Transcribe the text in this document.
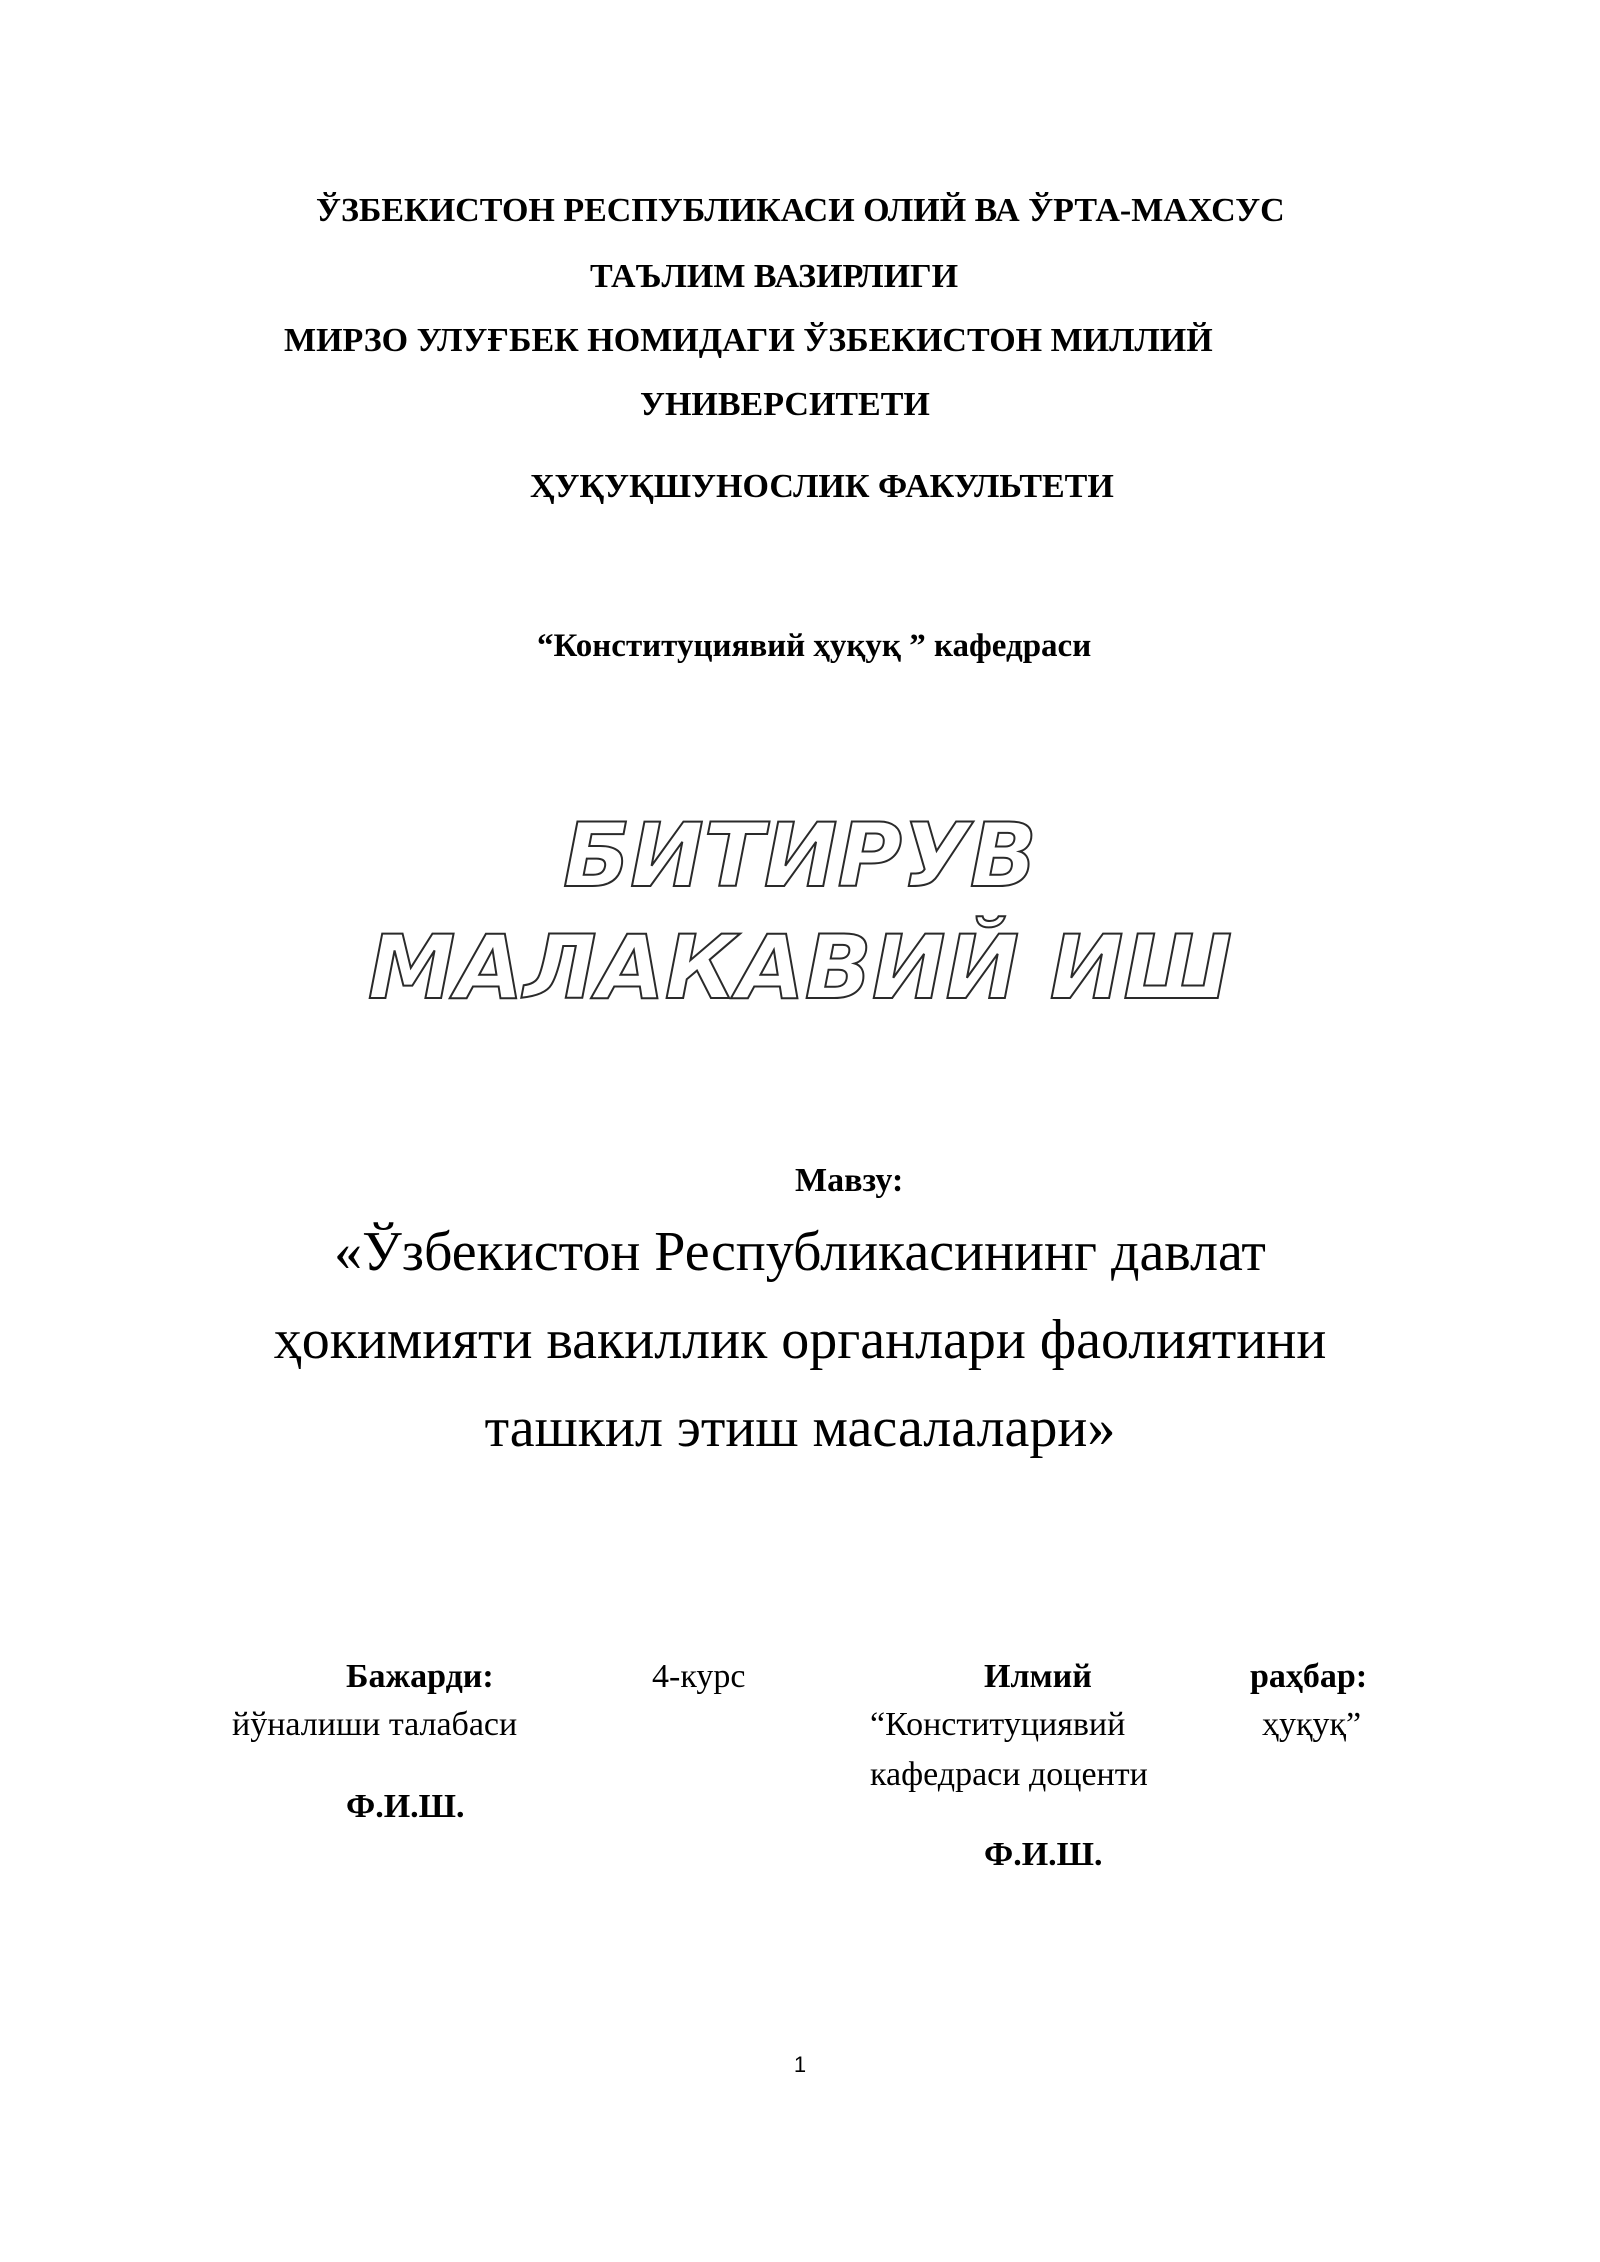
ЎЗБЕКИСТОН РЕСПУБЛИКАСИ ОЛИЙ ВА ЎРТА-МАХСУС
ТАЪЛИМ ВАЗИРЛИГИ
МИРЗО УЛУҒБЕК НОМИДАГИ ЎЗБЕКИСТОН МИЛЛИЙ
УНИВЕРСИТЕТИ
ҲУҚУҚШУНОСЛИК ФАКУЛЬТЕТИ
“Конституциявий ҳуқуқ ” кафедраси
БИТИРУВ
МАЛАКАВИЙ ИШ
Мавзу:
«Ўзбекистон Республикасининг давлат
ҳокимияти вакиллик органлари фаолиятини
ташкил этиш масалалари»
Бажарди:	4-курс
йўналиши талабаси
Ф.И.Ш.
Илмий	раҳбар:
“Конституциявий	ҳуқуқ”
кафедраси доценти
Ф.И.Ш.
1
